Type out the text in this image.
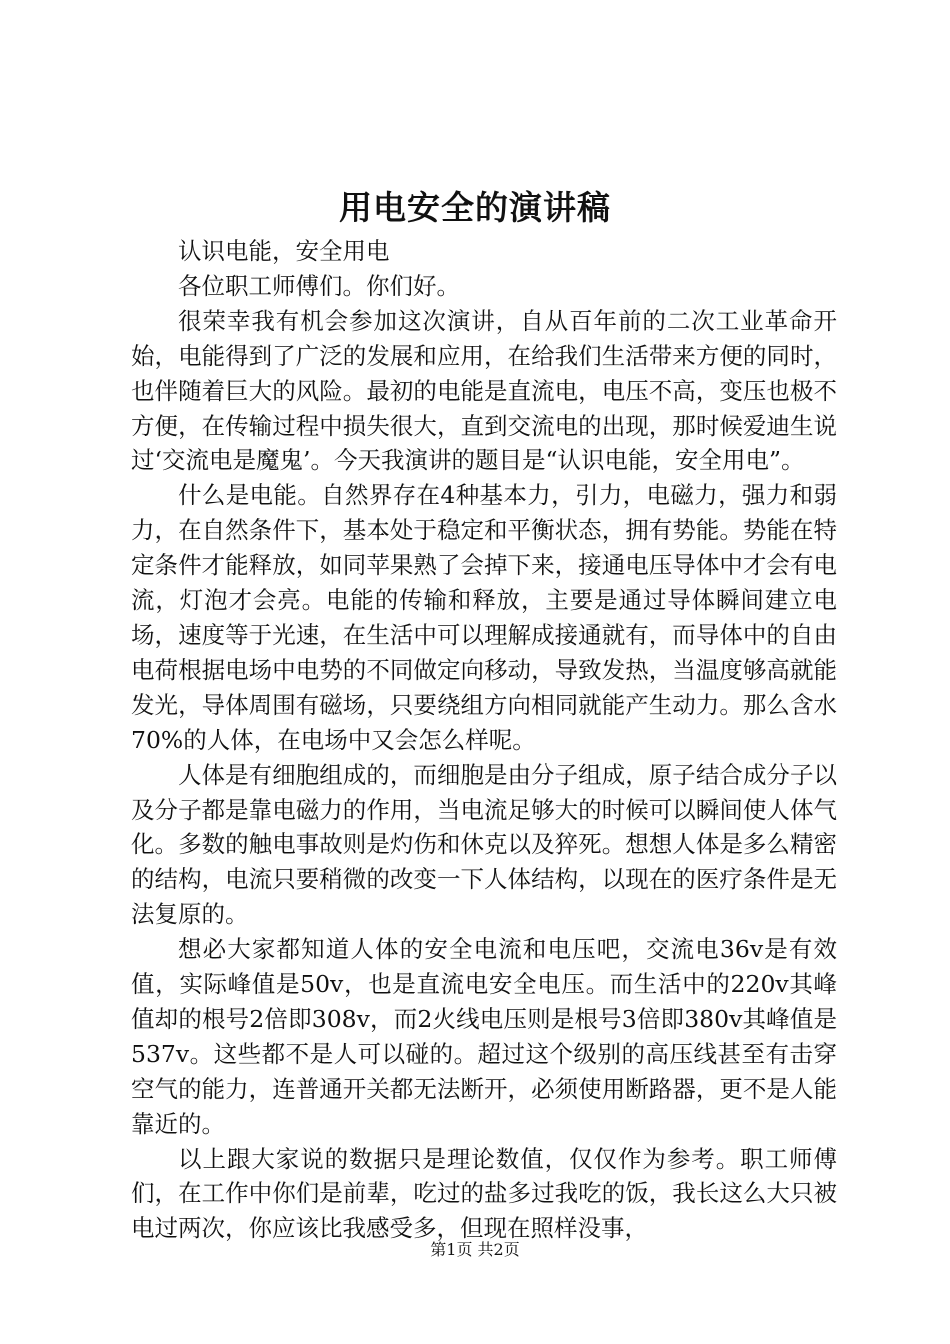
用电安全的演讲稿

认识电能，安全用电

各位职工师傅们。你们好。

很荣幸我有机会参加这次演讲，自从百年前的二次工业革命开始，电能得到了广泛的发展和应用，在给我们生活带来方便的同时，也伴随着巨大的风险。最初的电能是直流电，电压不高，变压也极不方便，在传输过程中损失很大，直到交流电的出现，那时候爱迪生说过‘交流电是魔鬼’。今天我演讲的题目是“认识电能，安全用电”。

什么是电能。自然界存在4种基本力，引力，电磁力，强力和弱力，在自然条件下，基本处于稳定和平衡状态，拥有势能。势能在特定条件才能释放，如同苹果熟了会掉下来，接通电压导体中才会有电流，灯泡才会亮。电能的传输和释放，主要是通过导体瞬间建立电场，速度等于光速，在生活中可以理解成接通就有，而导体中的自由电荷根据电场中电势的不同做定向移动，导致发热，当温度够高就能发光，导体周围有磁场，只要绕组方向相同就能产生动力。那么含水70%的人体，在电场中又会怎么样呢。

人体是有细胞组成的，而细胞是由分子组成，原子结合成分子以及分子都是靠电磁力的作用，当电流足够大的时候可以瞬间使人体气化。多数的触电事故则是灼伤和休克以及猝死。想想人体是多么精密的结构，电流只要稍微的改变一下人体结构，以现在的医疗条件是无法复原的。

想必大家都知道人体的安全电流和电压吧，交流电36v是有效值，实际峰值是50v，也是直流电安全电压。而生活中的220v其峰值却的根号2倍即308v，而2火线电压则是根号3倍即380v其峰值是537v。这些都不是人可以碰的。超过这个级别的高压线甚至有击穿空气的能力，连普通开关都无法断开，必须使用断路器，更不是人能靠近的。

以上跟大家说的数据只是理论数值，仅仅作为参考。职工师傅们，在工作中你们是前辈，吃过的盐多过我吃的饭，我长这么大只被电过两次，你应该比我感受多，但现在照样没事，

第1页 共2页
